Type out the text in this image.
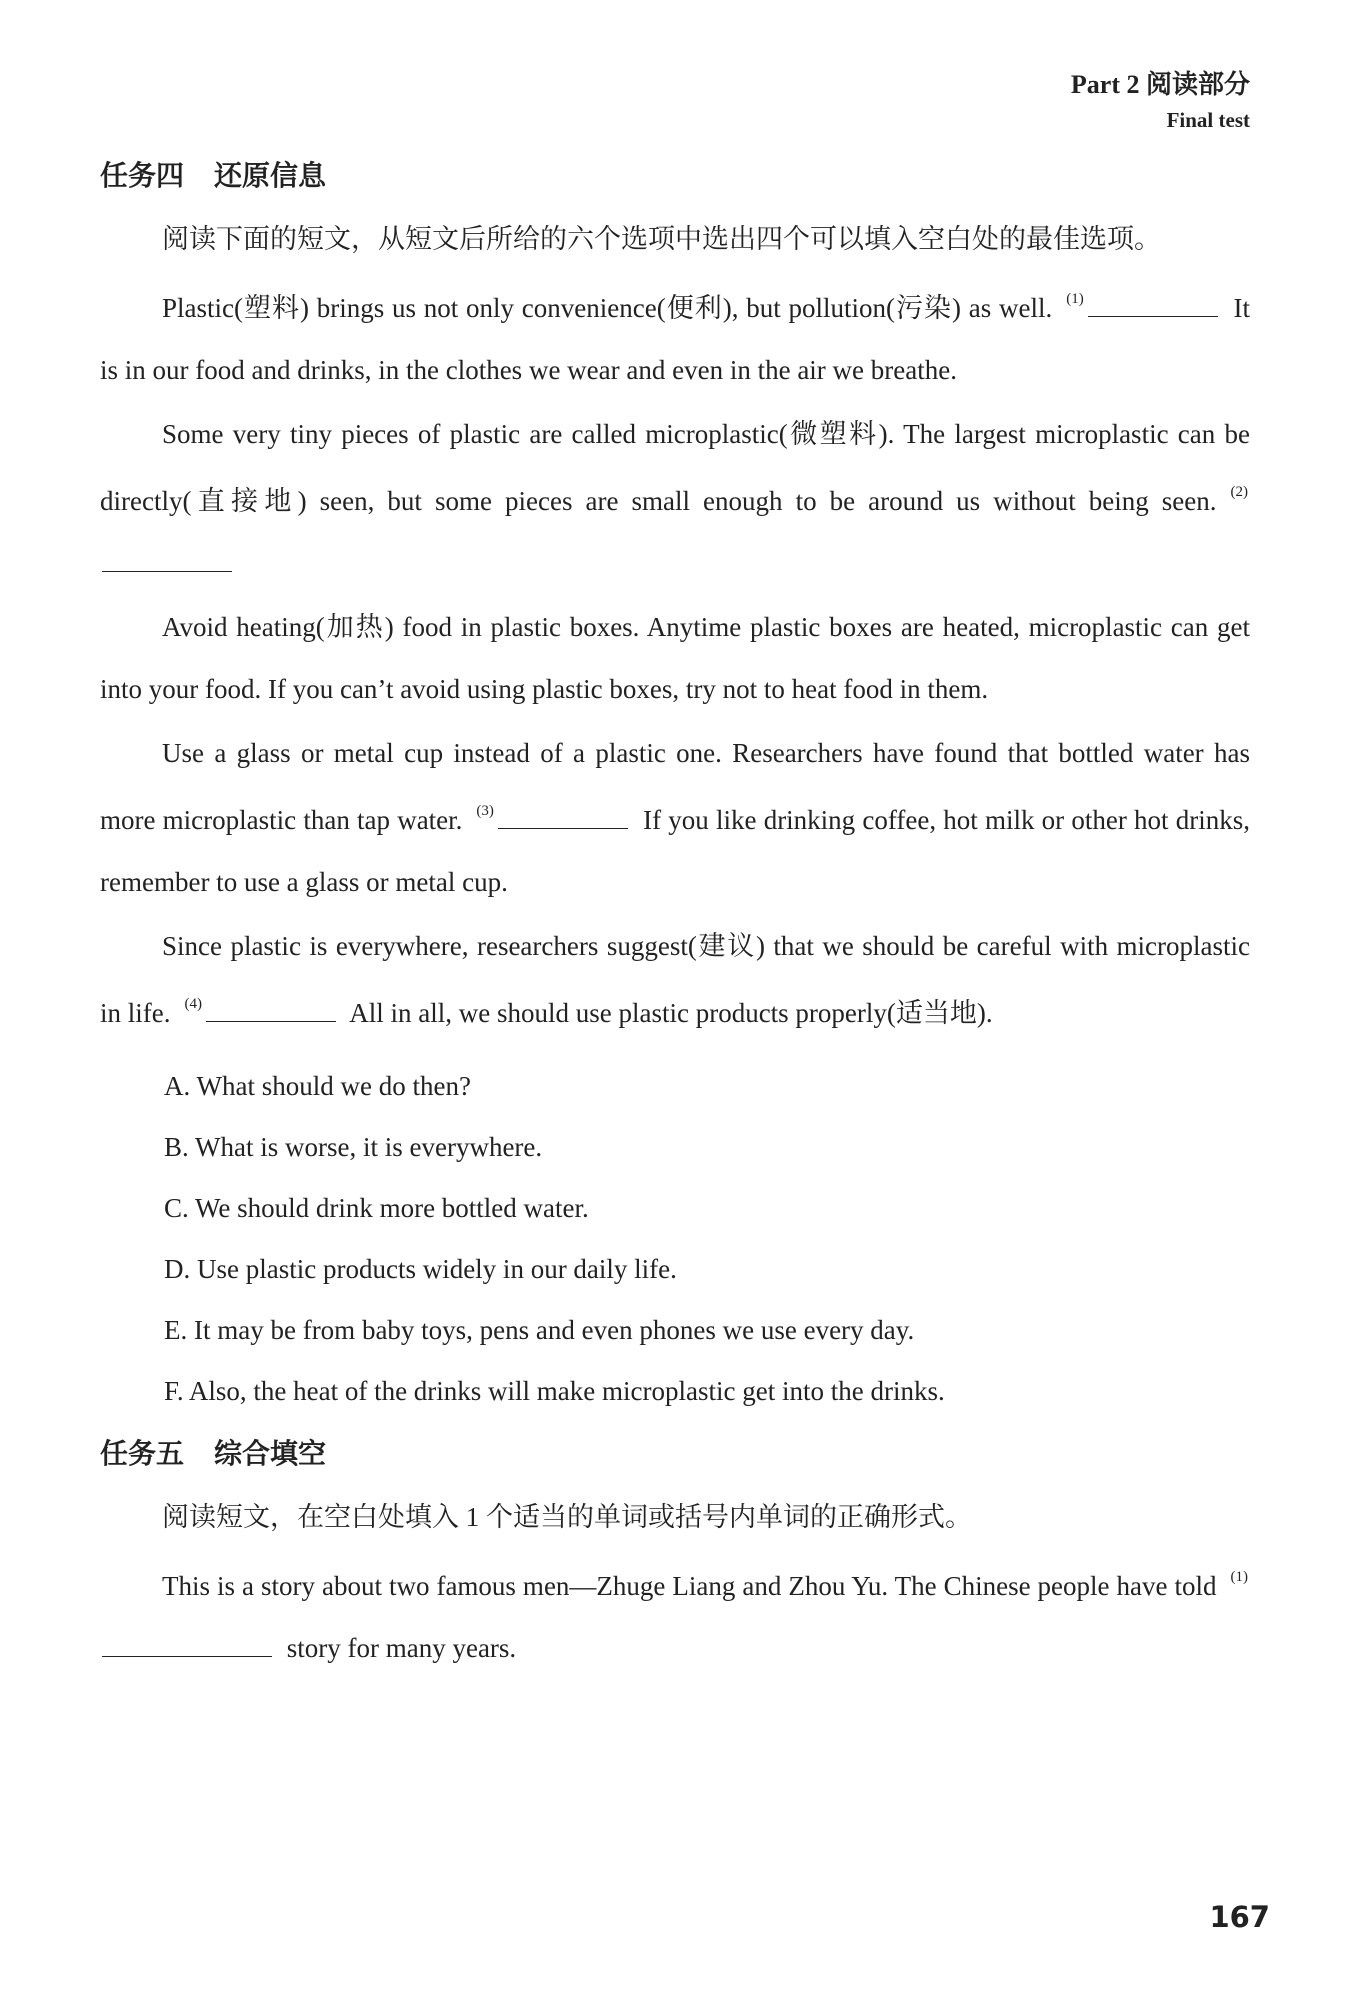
Part 2 阅读部分
Final test
任务四 还原信息

阅读下面的短文，从短文后所给的六个选项中选出四个可以填入空白处的最佳选项。

Plastic(塑料) brings us not only convenience(便利), but pollution(污染) as well. $^{(1)}$	It is in our food and drinks, in the clothes we wear and even in the air we breathe.

Some very tiny pieces of plastic are called microplastic(微塑料). The largest microplastic can be directly(直接地) seen, but some pieces are small enough to be around us without being seen. $^{(2)}$

Avoid heating(加热) food in plastic boxes. Anytime plastic boxes are heated, microplastic can get into your food. If you can’t avoid using plastic boxes, try not to heat food in them.

Use a glass or metal cup instead of a plastic one. Researchers have found that bottled water has more microplastic than tap water. $^{(3)}$	If you like drinking coffee, hot milk or other hot drinks, remember to use a glass or metal cup.

Since plastic is everywhere, researchers suggest(建议) that we should be careful with microplastic in life. $^{(4)}$	All in all, we should use plastic products properly(适当地).

A. What should we do then?
B. What is worse, it is everywhere.
C. We should drink more bottled water.
D. Use plastic products widely in our daily life.
E. It may be from baby toys, pens and even phones we use every day.
F. Also, the heat of the drinks will make microplastic get into the drinks.
任务五 综合填空

阅读短文，在空白处填入 1 个适当的单词或括号内单词的正确形式。

This is a story about two famous men—Zhuge Liang and Zhou Yu. The Chinese people have told $^{(1)}$ story for many years.

167
